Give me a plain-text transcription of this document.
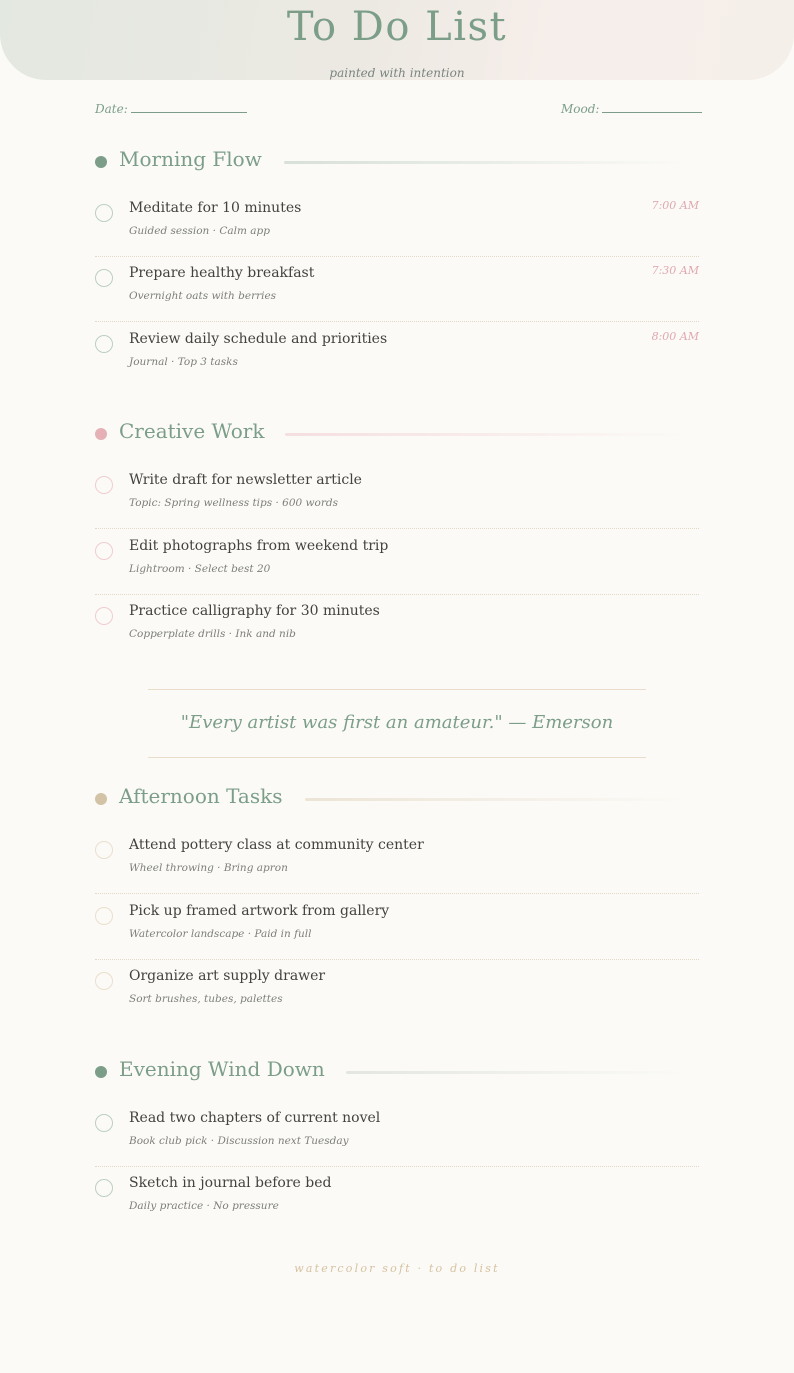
To Do List
painted with intention
Date:	Mood:
Morning Flow
Meditate for 10 minutes
Guided session · Calm app
7:00 AM
Prepare healthy breakfast
Overnight oats with berries
7:30 AM
Review daily schedule and priorities
Journal · Top 3 tasks
8:00 AM
Creative Work
Write draft for newsletter article
Topic: Spring wellness tips · 600 words
Edit photographs from weekend trip
Lightroom · Select best 20
Practice calligraphy for 30 minutes
Copperplate drills · Ink and nib
"Every artist was first an amateur." — Emerson
Afternoon Tasks
Attend pottery class at community center
Wheel throwing · Bring apron
Pick up framed artwork from gallery
Watercolor landscape · Paid in full
Organize art supply drawer
Sort brushes, tubes, palettes
Evening Wind Down
Read two chapters of current novel
Book club pick · Discussion next Tuesday
Sketch in journal before bed
Daily practice · No pressure
watercolor soft · to do list
